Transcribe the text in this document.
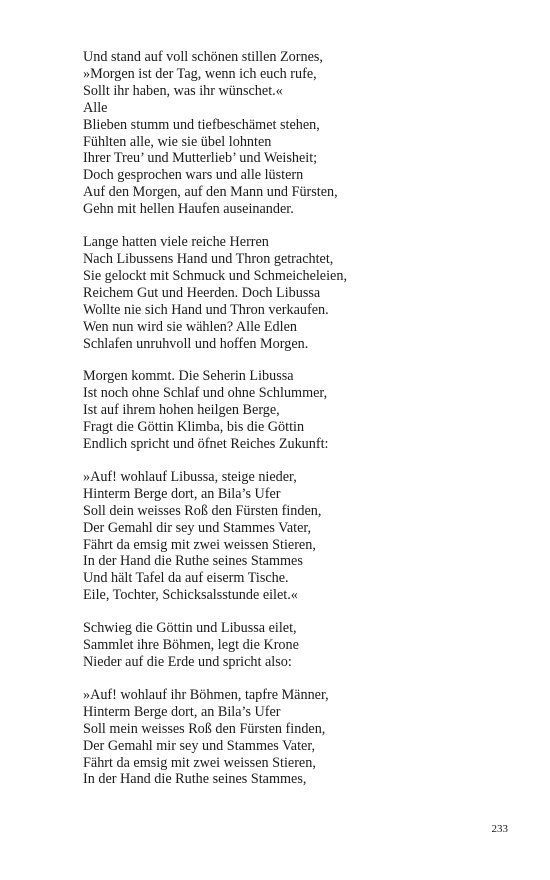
Und stand auf voll schönen stillen Zornes,
»Morgen ist der Tag, wenn ich euch rufe,
Sollt ihr haben, was ihr wünschet.«
Alle
Blieben stumm und tiefbeschämet stehen,
Fühlten alle, wie sie übel lohnten
Ihrer Treu’ und Mutterlieb’ und Weisheit;
Doch gesprochen wars und alle lüstern
Auf den Morgen, auf den Mann und Fürsten,
Gehn mit hellen Haufen auseinander.
Lange hatten viele reiche Herren
Nach Libussens Hand und Thron getrachtet,
Sie gelockt mit Schmuck und Schmeicheleien,
Reichem Gut und Heerden. Doch Libussa
Wollte nie sich Hand und Thron verkaufen.
Wen nun wird sie wählen? Alle Edlen
Schlafen unruhvoll und hoffen Morgen.
Morgen kommt. Die Seherin Libussa
Ist noch ohne Schlaf und ohne Schlummer,
Ist auf ihrem hohen heilgen Berge,
Fragt die Göttin Klimba, bis die Göttin
Endlich spricht und öfnet Reiches Zukunft:
»Auf! wohlauf Libussa, steige nieder,
Hinterm Berge dort, an Bila’s Ufer
Soll dein weisses Roß den Fürsten finden,
Der Gemahl dir sey und Stammes Vater,
Fährt da emsig mit zwei weissen Stieren,
In der Hand die Ruthe seines Stammes
Und hält Tafel da auf eiserm Tische.
Eile, Tochter, Schicksalsstunde eilet.«
Schwieg die Göttin und Libussa eilet,
Sammlet ihre Böhmen, legt die Krone
Nieder auf die Erde und spricht also:
»Auf! wohlauf ihr Böhmen, tapfre Männer,
Hinterm Berge dort, an Bila’s Ufer
Soll mein weisses Roß den Fürsten finden,
Der Gemahl mir sey und Stammes Vater,
Fährt da emsig mit zwei weissen Stieren,
In der Hand die Ruthe seines Stammes,
233
